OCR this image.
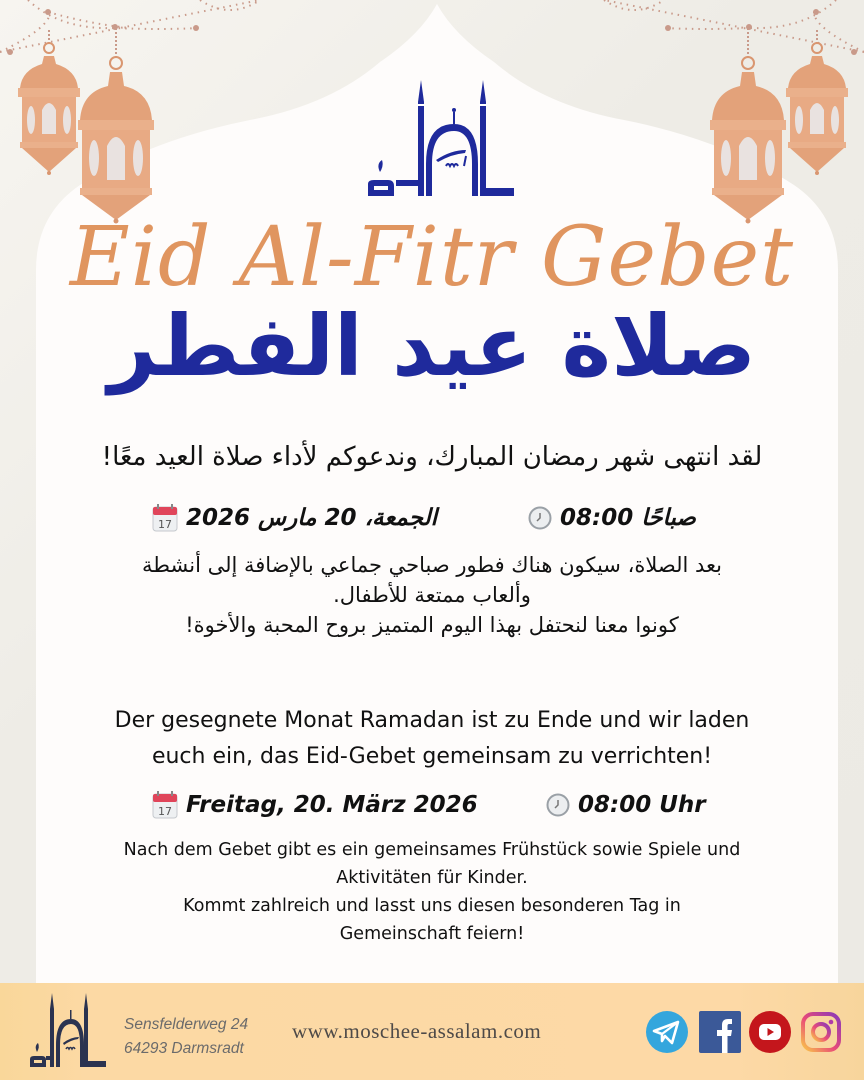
Eid Al-Fitr Gebet
صلاة عيد الفطر
لقد انتهى شهر رمضان المبارك، وندعوكم لأداء صلاة العيد معًا!
17 الجمعة، 20 مارس 2026	صباحًا 08:00
بعد الصلاة، سيكون هناك فطور صباحي جماعي بالإضافة إلى أنشطة
وألعاب ممتعة للأطفال.
كونوا معنا لنحتفل بهذا اليوم المتميز بروح المحبة والأخوة!
Der gesegnete Monat Ramadan ist zu Ende und wir laden
euch ein, das Eid-Gebet gemeinsam zu verrichten!
17 Freitag, 20. März 2026	08:00 Uhr
Nach dem Gebet gibt es ein gemeinsames Frühstück sowie Spiele und
Aktivitäten für Kinder.
Kommt zahlreich und lasst uns diesen besonderen Tag in
Gemeinschaft feiern!
Sensfelderweg 24
64293 Darmsradt
www.moschee-assalam.com
